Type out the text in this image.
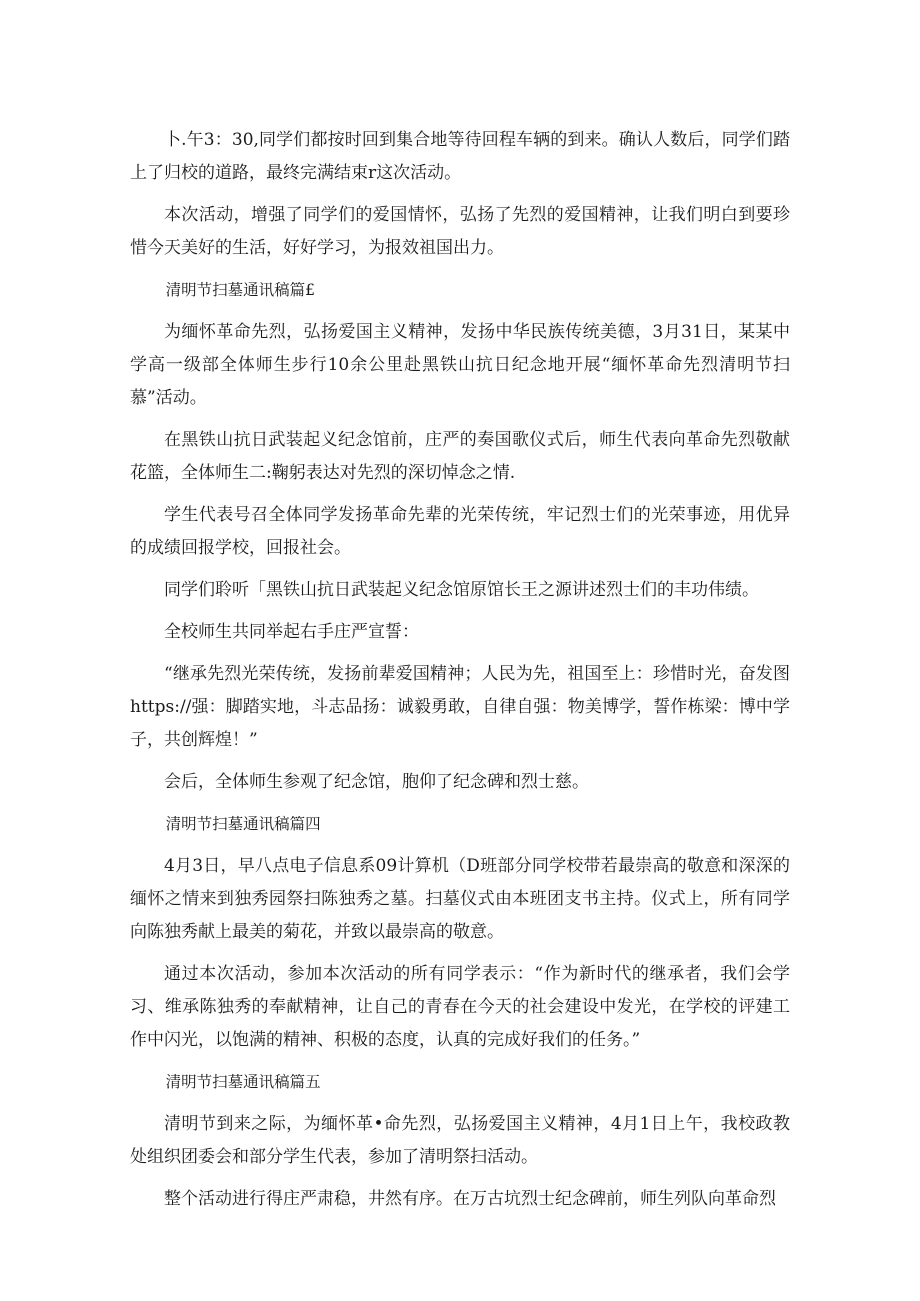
卜.午3：30,同学们都按时回到集合地等待回程车辆的到来。确认人数后，同学们踏上了归校的道路，最终完满结束r这次活动。

本次活动，增强了同学们的爱国情怀，弘扬了先烈的爱国精神，让我们明白到要珍惜今天美好的生活，好好学习，为报效祖国出力。

清明节扫墓通讯稿篇£

为缅怀革命先烈，弘扬爱国主义精神，发扬中华民族传统美德，3月31日，某某中学高一级部全体师生步行10余公里赴黑铁山抗日纪念地开展“缅怀革命先烈清明节扫慕”活动。

在黑铁山抗日武装起义纪念馆前，庄严的奏国歌仪式后，师生代表向革命先烈敬献花篮，全体师生二:鞠躬表达对先烈的深切悼念之情.

学生代表号召全体同学发扬革命先辈的光荣传统，牢记烈士们的光荣事迹，用优异的成绩回报学校，回报社会。

同学们聆听「黑铁山抗日武装起义纪念馆原馆长王之源讲述烈士们的丰功伟绩。

全校师生共同举起右手庄严宣誓：

“继承先烈光荣传统，发扬前辈爱国精神；人民为先，祖国至上：珍惜时光，奋发图https://强：脚踏实地，斗志品扬：诚毅勇敢，自律自强：物美博学，誓作栋梁：博中学子，共创辉煌！”

会后，全体师生参观了纪念馆，胞仰了纪念碑和烈士慈。

清明节扫墓通讯稿篇四

4月3日，早八点电子信息系09计算机（D班部分同学校带若最崇高的敬意和深深的缅怀之情来到独秀园祭扫陈独秀之墓。扫墓仪式由本班团支书主持。仪式上，所有同学向陈独秀献上最美的菊花，并致以最崇高的敬意。

通过本次活动，参加本次活动的所有同学表示：“作为新时代的继承者，我们会学习、维承陈独秀的奉献精神，让自己的青春在今天的社会建设中发光，在学校的评建工作中闪光，以饱满的精神、积极的态度，认真的完成好我们的任务。”

清明节扫墓通讯稿篇五

清明节到来之际，为缅怀革•命先烈，弘扬爱国主义精神，4月1日上午，我校政教处组织团委会和部分学生代表，参加了清明祭扫活动。

整个活动进行得庄严肃稳，井然有序。在万古坑烈士纪念碑前，师生列队向革命烈
